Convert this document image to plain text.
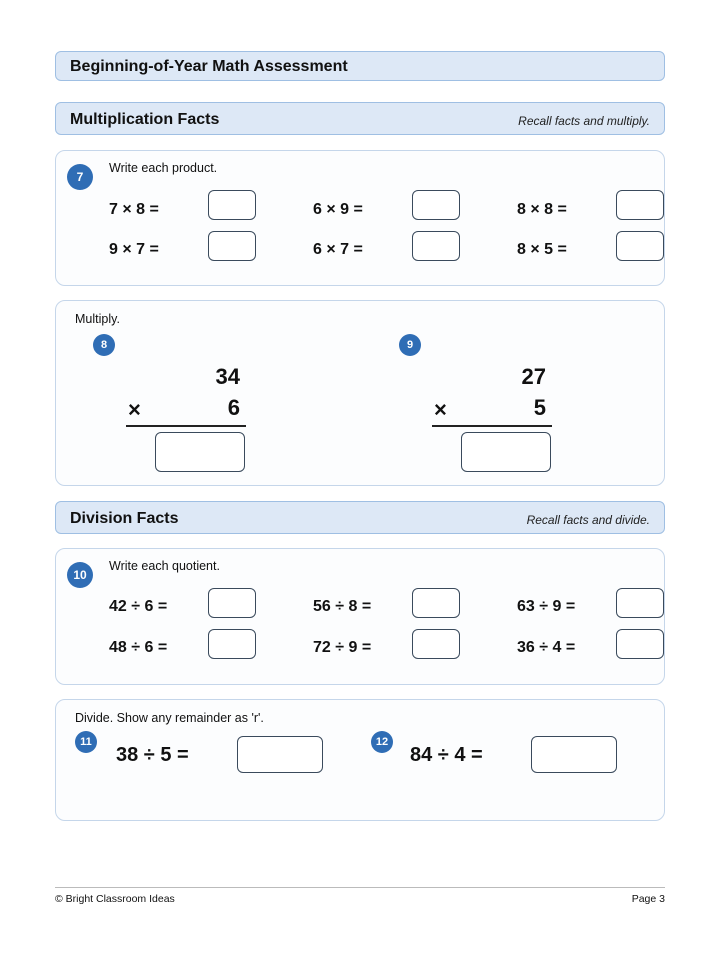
Beginning-of-Year Math Assessment
Multiplication Facts	Recall facts and multiply.
7
Write each product.
7 × 8 =	6 × 9 =	8 × 8 =
9 × 7 =	6 × 7 =	8 × 5 =
Multiply.
8
34
×	6
9
27
×	5
Division Facts	Recall facts and divide.
10
Write each quotient.
42 ÷ 6 =	56 ÷ 8 =	63 ÷ 9 =
48 ÷ 6 =	72 ÷ 9 =	36 ÷ 4 =
Divide. Show any remainder as 'r'.
11
38 ÷ 5 =
12
84 ÷ 4 =
© Bright Classroom Ideas	Page 3
